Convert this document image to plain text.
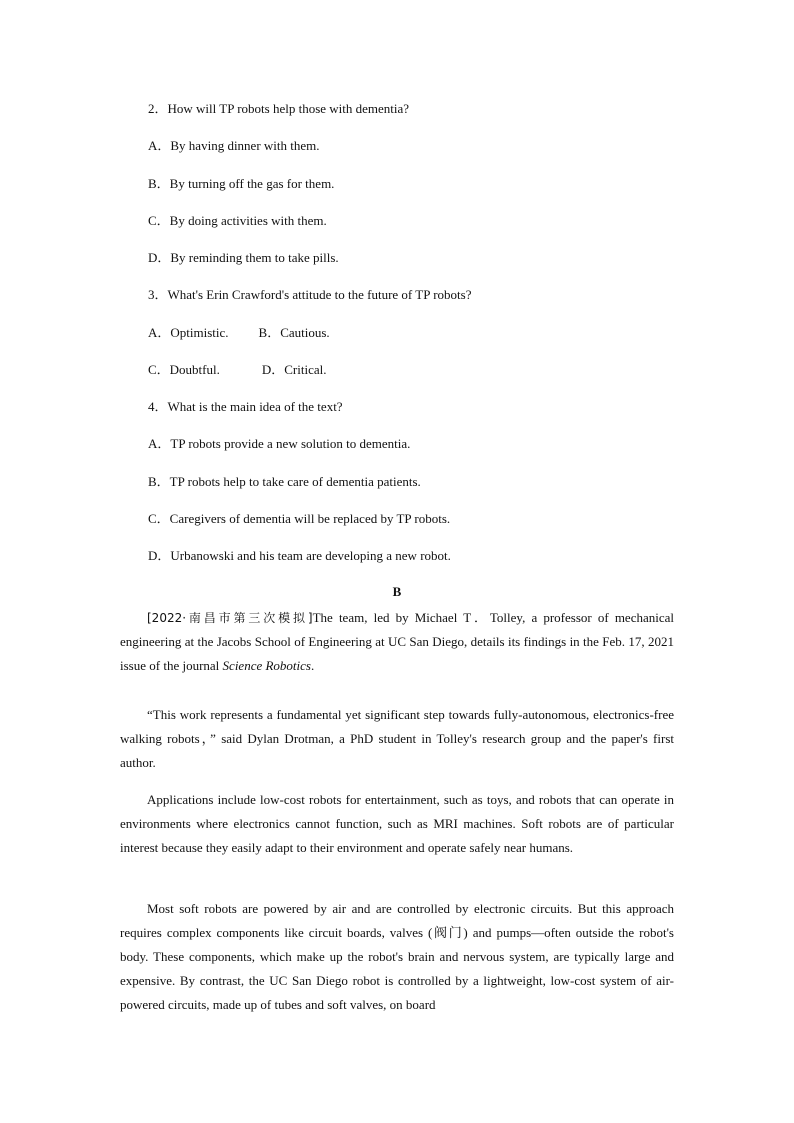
2．How will TP robots help those with dementia?
A．By having dinner with them.
B．By turning off the gas for them.
C．By doing activities with them.
D．By reminding them to take pills.
3．What's Erin Crawford's attitude to the future of TP robots?
A．Optimistic. B．Cautious.
C．Doubtful.	D．Critical.
4．What is the main idea of the text?
A．TP robots provide a new solution to dementia.
B．TP robots help to take care of dementia patients.
C．Caregivers of dementia will be replaced by TP robots.
D．Urbanowski and his team are developing a new robot.
B

[2022·南昌市第三次模拟]The team, led by Michael T．Tolley, a professor of mechanical engineering at the Jacobs School of Engineering at UC San Diego, details its findings in the Feb. 17, 2021 issue of the journal Science Robotics.

“This work represents a fundamental yet significant step towards fully-autonomous, electronics-free walking robots，” said Dylan Drotman, a PhD student in Tolley's research group and the paper's first author.

Applications include low-cost robots for entertainment, such as toys, and robots that can operate in environments where electronics cannot function, such as MRI machines. Soft robots are of particular interest because they easily adapt to their environment and operate safely near humans.

Most soft robots are powered by air and are controlled by electronic circuits. But this approach requires complex components like circuit boards, valves (阀门) and pumps—often outside the robot's body. These components, which make up the robot's brain and nervous system, are typically large and expensive. By contrast, the UC San Diego robot is controlled by a lightweight, low-cost system of air-powered circuits, made up of tubes and soft valves, on board
